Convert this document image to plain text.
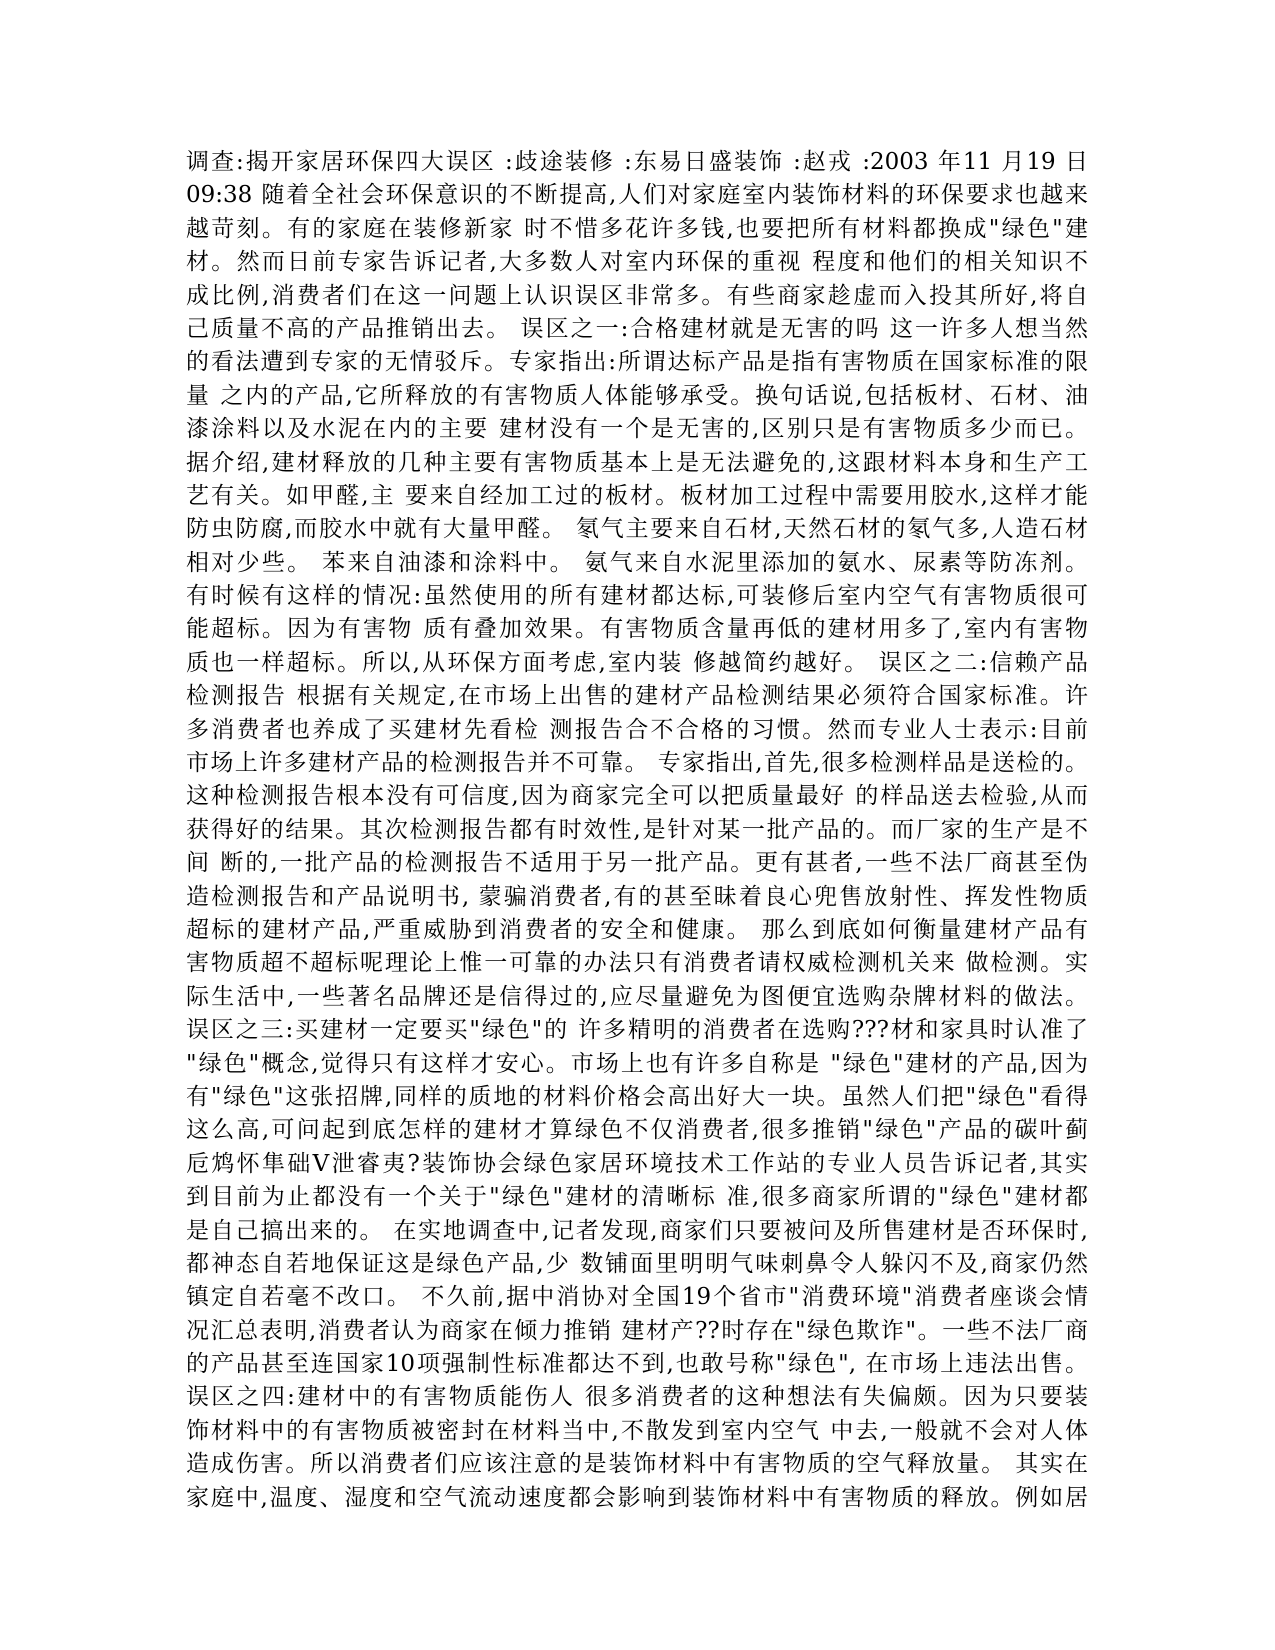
调查:揭开家居环保四大误区 :歧途装修 :东易日盛装饰 :赵戎 :2003 年11 月19 日
09:38 随着全社会环保意识的不断提高,人们对家庭室内装饰材料的环保要求也越来
越苛刻。有的家庭在装修新家 时不惜多花许多钱,也要把所有材料都换成"绿色"建
材。然而日前专家告诉记者,大多数人对室内环保的重视 程度和他们的相关知识不
成比例,消费者们在这一问题上认识误区非常多。有些商家趁虚而入投其所好,将自
己质量不高的产品推销出去。 误区之一:合格建材就是无害的吗 这一许多人想当然
的看法遭到专家的无情驳斥。专家指出:所谓达标产品是指有害物质在国家标准的限
量 之内的产品,它所释放的有害物质人体能够承受。换句话说,包括板材、石材、油
漆涂料以及水泥在内的主要 建材没有一个是无害的,区别只是有害物质多少而已。
据介绍,建材释放的几种主要有害物质基本上是无法避免的,这跟材料本身和生产工
艺有关。如甲醛,主 要来自经加工过的板材。板材加工过程中需要用胶水,这样才能
防虫防腐,而胶水中就有大量甲醛。 氡气主要来自石材,天然石材的氡气多,人造石材
相对少些。 苯来自油漆和涂料中。 氨气来自水泥里添加的氨水、尿素等防冻剂。
有时候有这样的情况:虽然使用的所有建材都达标,可装修后室内空气有害物质很可
能超标。因为有害物 质有叠加效果。有害物质含量再低的建材用多了,室内有害物
质也一样超标。所以,从环保方面考虑,室内装 修越简约越好。 误区之二:信赖产品
检测报告 根据有关规定,在市场上出售的建材产品检测结果必须符合国家标准。许
多消费者也养成了买建材先看检 测报告合不合格的习惯。然而专业人士表示:目前
市场上许多建材产品的检测报告并不可靠。 专家指出,首先,很多检测样品是送检的。
这种检测报告根本没有可信度,因为商家完全可以把质量最好 的样品送去检验,从而
获得好的结果。其次检测报告都有时效性,是针对某一批产品的。而厂家的生产是不
间 断的,一批产品的检测报告不适用于另一批产品。更有甚者,一些不法厂商甚至伪
造检测报告和产品说明书, 蒙骗消费者,有的甚至昧着良心兜售放射性、挥发性物质
超标的建材产品,严重威胁到消费者的安全和健康。 那么到底如何衡量建材产品有
害物质超不超标呢理论上惟一可靠的办法只有消费者请权威检测机关来 做检测。实
际生活中,一些著名品牌还是信得过的,应尽量避免为图便宜选购杂牌材料的做法。
误区之三:买建材一定要买"绿色"的 许多精明的消费者在选购???材和家具时认准了
"绿色"概念,觉得只有这样才安心。市场上也有许多自称是 "绿色"建材的产品,因为
有"绿色"这张招牌,同样的质地的材料价格会高出好大一块。虽然人们把"绿色"看得
这么高,可问起到底怎样的建材才算绿色不仅消费者,很多推销"绿色"产品的碳叶蓟
卮鸩怀隼础Ⅴ泄睿夷?装饰协会绿色家居环境技术工作站的专业人员告诉记者,其实
到目前为止都没有一个关于"绿色"建材的清晰标 准,很多商家所谓的"绿色"建材都
是自己搞出来的。 在实地调查中,记者发现,商家们只要被问及所售建材是否环保时,
都神态自若地保证这是绿色产品,少 数铺面里明明气味刺鼻令人躲闪不及,商家仍然
镇定自若毫不改口。 不久前,据中消协对全国19个省市"消费环境"消费者座谈会情
况汇总表明,消费者认为商家在倾力推销 建材产??时存在"绿色欺诈"。一些不法厂商
的产品甚至连国家10项强制性标准都达不到,也敢号称"绿色", 在市场上违法出售。
误区之四:建材中的有害物质能伤人 很多消费者的这种想法有失偏颇。因为只要装
饰材料中的有害物质被密封在材料当中,不散发到室内空气 中去,一般就不会对人体
造成伤害。所以消费者们应该注意的是装饰材料中有害物质的空气释放量。 其实在
家庭中,温度、湿度和空气流动速度都会影响到装饰材料中有害物质的释放。例如居
